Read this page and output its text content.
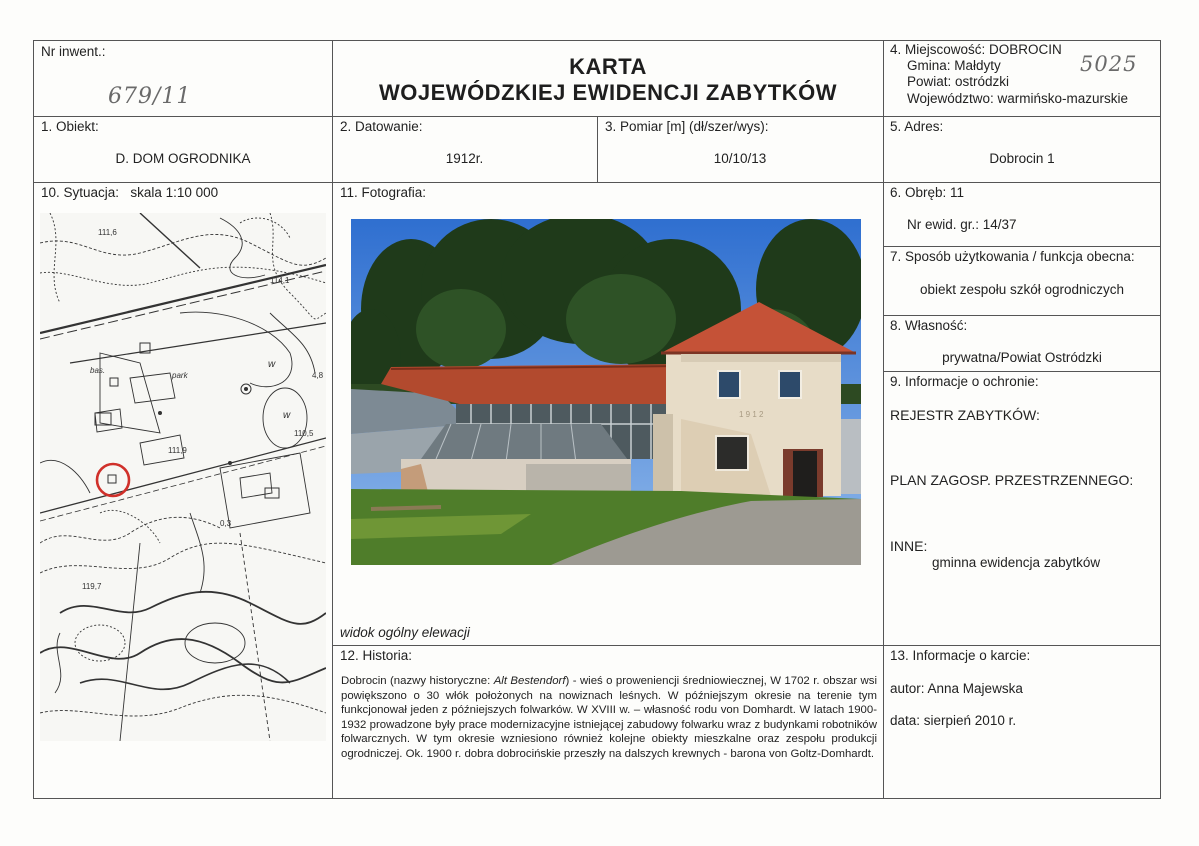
Nr inwent.:
679/11
KARTA
WOJEWÓDZKIEJ EWIDENCJI ZABYTKÓW
4. Miejscowość: DOBROCIN
Gmina: Małdyty
Powiat: ostródzki
Województwo: warmińsko-mazurskie
5025
1. Obiekt:
D. DOM OGRODNIKA
2. Datowanie:
1912r.
3. Pomiar [m] (dł/szer/wys):
10/10/13
5. Adres:
Dobrocin 1
10. Sytuacja: skala 1:10 000
111,6
114,1
4,8
bas.
park
w
w
110,5
111,9
0,3
119,7
11. Fotografia:
1 9 1 2
widok ogólny elewacji
6. Obręb: 11
Nr ewid. gr.: 14/37
7. Sposób użytkowania / funkcja obecna:
obiekt zespołu szkół ogrodniczych
8. Własność:
prywatna/Powiat Ostródzki
9. Informacje o ochronie:
REJESTR ZABYTKÓW:
PLAN ZAGOSP. PRZESTRZENNEGO:
INNE:
gminna ewidencja zabytków
13. Informacje o karcie:
autor: Anna Majewska
data: sierpień 2010 r.
12. Historia:
Dobrocin (nazwy historyczne: Alt Bestendorf) - wieś o proweniencji średniowiecznej, W 1702 r. obszar wsi powiększono o 30 włók położonych na nowiznach leśnych. W późniejszym okresie na terenie tym funkcjonował jeden z późniejszych folwarków. W XVIII w. – własność rodu von Domhardt. W latach 1900-1932 prowadzone były prace modernizacyjne istniejącej zabudowy folwarku wraz z budynkami robotników folwarcznych. W tym okresie wzniesiono również kolejne obiekty mieszkalne oraz zespołu produkcji ogrodniczej. Ok. 1900 r. dobra dobrocińskie przeszły na dalszych krewnych - barona von Goltz-Domhardt.
